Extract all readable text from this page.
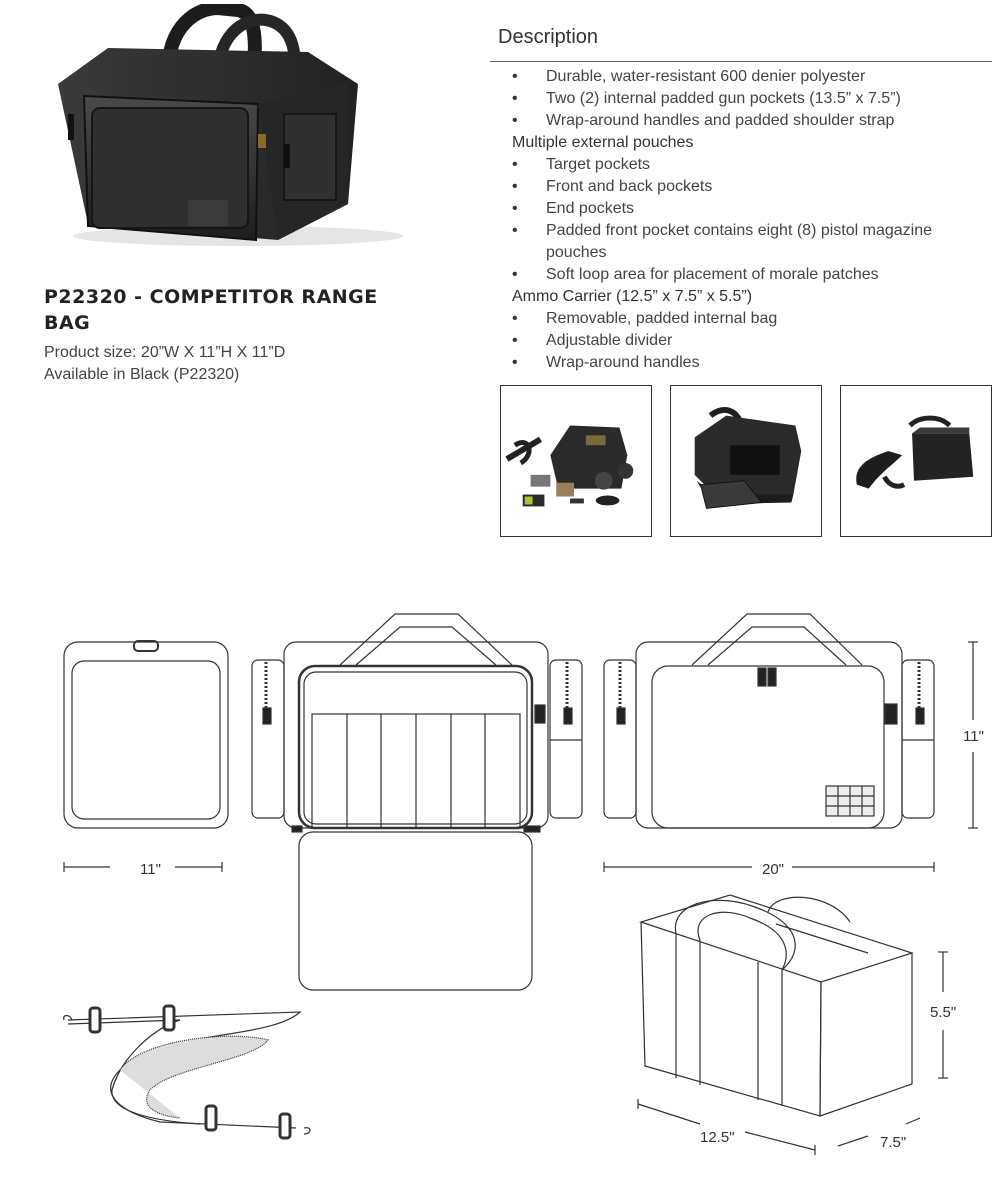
P22320 - COMPETITOR RANGE BAG
Product size: 20”W X 11”H X 11”D
Available in Black (P22320)
Description
• Durable, water-resistant 600 denier polyester
• Two (2) internal padded gun pockets (13.5” x 7.5”)
• Wrap-around handles and padded shoulder strap
Multiple external pouches
• Target pockets
• Front and back pockets
• End pockets
• Padded front pocket contains eight (8) pistol magazine pouches
• Soft loop area for placement of morale patches
Ammo Carrier (12.5” x 7.5” x 5.5”)
• Removable, padded internal bag
• Adjustable divider
• Wrap-around handles
11"	20"
11"
5.5"
12.5"	7.5"
